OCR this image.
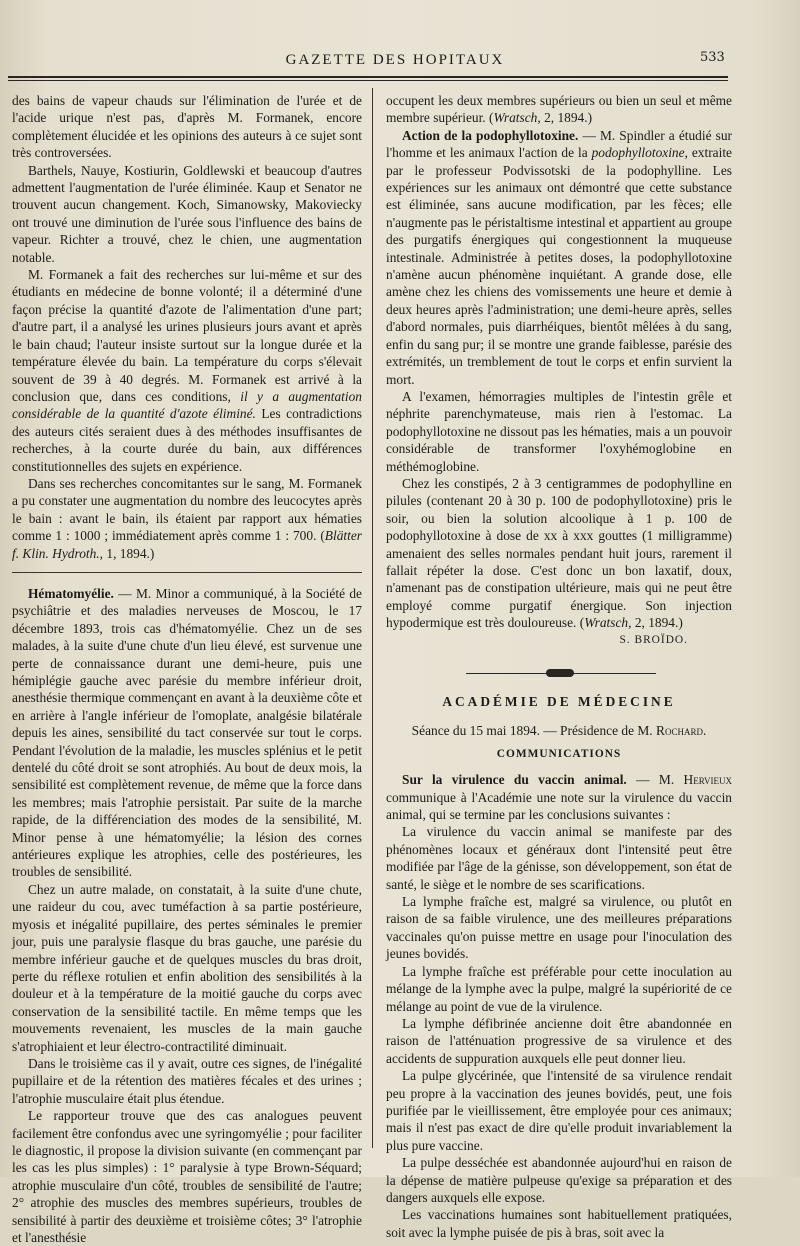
GAZETTE DES HOPITAUX	533

des bains de vapeur chauds sur l'élimination de l'urée et de l'acide urique n'est pas, d'après M. Formanek, encore complètement élucidée et les opinions des auteurs à ce sujet sont très controversées.

Barthels, Nauye, Kostiurin, Goldlewski et beaucoup d'autres admettent l'augmentation de l'urée éliminée. Kaup et Senator ne trouvent aucun changement. Koch, Simanowsky, Makoviecky ont trouvé une diminution de l'urée sous l'influence des bains de vapeur. Richter a trouvé, chez le chien, une augmentation notable.

M. Formanek a fait des recherches sur lui-même et sur des étudiants en médecine de bonne volonté; il a déterminé d'une façon précise la quantité d'azote de l'alimentation d'une part; d'autre part, il a analysé les urines plusieurs jours avant et après le bain chaud; l'auteur insiste surtout sur la longue durée et la température élevée du bain. La température du corps s'élevait souvent de 39 à 40 degrés. M. Formanek est arrivé à la conclusion que, dans ces conditions, il y a augmentation considérable de la quantité d'azote éliminé. Les contradictions des auteurs cités seraient dues à des méthodes insuffisantes de recherches, à la courte durée du bain, aux différences constitutionnelles des sujets en expérience.

Dans ses recherches concomitantes sur le sang, M. Formanek a pu constater une augmentation du nombre des leucocytes après le bain : avant le bain, ils étaient par rapport aux hématies comme 1 : 1000 ; immédiatement après comme 1 : 700. (Blätter f. Klin. Hydroth., 1, 1894.)

Hématomyélie. — M. Minor a communiqué, à la Société de psychiâtrie et des maladies nerveuses de Moscou, le 17 décembre 1893, trois cas d'hématomyélie. Chez un de ses malades, à la suite d'une chute d'un lieu élevé, est survenue une perte de connaissance durant une demi-heure, puis une hémiplégie gauche avec parésie du membre inférieur droit, anesthésie thermique commençant en avant à la deuxième côte et en arrière à l'angle inférieur de l'omoplate, analgésie bilatérale depuis les aines, sensibilité du tact conservée sur tout le corps. Pendant l'évolution de la maladie, les muscles splénius et le petit dentelé du côté droit se sont atrophiés. Au bout de deux mois, la sensibilité est complètement revenue, de même que la force dans les membres; mais l'atrophie persistait. Par suite de la marche rapide, de la différenciation des modes de la sensibilité, M. Minor pense à une hématomyélie; la lésion des cornes antérieures explique les atrophies, celle des postérieures, les troubles de sensibilité.

Chez un autre malade, on constatait, à la suite d'une chute, une raideur du cou, avec tuméfaction à sa partie postérieure, myosis et inégalité pupillaire, des pertes séminales le premier jour, puis une paralysie flasque du bras gauche, une parésie du membre inférieur gauche et de quelques muscles du bras droit, perte du réflexe rotulien et enfin abolition des sensibilités à la douleur et à la température de la moitié gauche du corps avec conservation de la sensibilité tactile. En même temps que les mouvements revenaient, les muscles de la main gauche s'atrophiaient et leur électro-contractilité diminuait.

Dans le troisième cas il y avait, outre ces signes, de l'inégalité pupillaire et de la rétention des matières fécales et des urines ; l'atrophie musculaire était plus étendue.

Le rapporteur trouve que des cas analogues peuvent facilement être confondus avec une syringomyélie ; pour faciliter le diagnostic, il propose la division suivante (en commençant par les cas les plus simples) : 1° paralysie à type Brown-Séquard; atrophie musculaire d'un côté, troubles de sensibilité de l'autre; 2° atrophie des muscles des membres supérieurs, troubles de sensibilité à partir des deuxième et troisième côtes; 3° l'atrophie et l'anesthésie

occupent les deux membres supérieurs ou bien un seul et même membre supérieur. (Wratsch, 2, 1894.)

Action de la podophyllotoxine. — M. Spindler a étudié sur l'homme et les animaux l'action de la podophyllotoxine, extraite par le professeur Podvissotski de la podophylline. Les expériences sur les animaux ont démontré que cette substance est éliminée, sans aucune modification, par les fèces; elle n'augmente pas le péristaltisme intestinal et appartient au groupe des purgatifs énergiques qui congestionnent la muqueuse intestinale. Administrée à petites doses, la podophyllotoxine n'amène aucun phénomène inquiétant. A grande dose, elle amène chez les chiens des vomissements une heure et demie à deux heures après l'administration; une demi-heure après, selles d'abord normales, puis diarrhéiques, bientôt mêlées à du sang, enfin du sang pur; il se montre une grande faiblesse, parésie des extrémités, un tremblement de tout le corps et enfin survient la mort.

A l'examen, hémorragies multiples de l'intestin grêle et néphrite parenchymateuse, mais rien à l'estomac. La podophyllotoxine ne dissout pas les hématies, mais a un pouvoir considérable de transformer l'oxyhémoglobine en méthémoglobine.

Chez les constipés, 2 à 3 centigrammes de podophylline en pilules (contenant 20 à 30 p. 100 de podophyllotoxine) pris le soir, ou bien la solution alcoolique à 1 p. 100 de podophyllotoxine à dose de xx à xxx gouttes (1 milligramme) amenaient des selles normales pendant huit jours, rarement il fallait répéter la dose. C'est donc un bon laxatif, doux, n'amenant pas de constipation ultérieure, mais qui ne peut être employé comme purgatif énergique. Son injection hypodermique est très douloureuse. (Wratsch, 2, 1894.)

S. BROÏDO.
ACADÉMIE DE MÉDECINE
Séance du 15 mai 1894. — Présidence de M. Rochard.
COMMUNICATIONS

Sur la virulence du vaccin animal. — M. Hervieux communique à l'Académie une note sur la virulence du vaccin animal, qui se termine par les conclusions suivantes :

La virulence du vaccin animal se manifeste par des phénomènes locaux et généraux dont l'intensité peut être modifiée par l'âge de la génisse, son développement, son état de santé, le siège et le nombre de ses scarifications.

La lymphe fraîche est, malgré sa virulence, ou plutôt en raison de sa faible virulence, une des meilleures préparations vaccinales qu'on puisse mettre en usage pour l'inoculation des jeunes bovidés.

La lymphe fraîche est préférable pour cette inoculation au mélange de la lymphe avec la pulpe, malgré la supériorité de ce mélange au point de vue de la virulence.

La lymphe défibrinée ancienne doit être abandonnée en raison de l'atténuation progressive de sa virulence et des accidents de suppuration auxquels elle peut donner lieu.

La pulpe glycérinée, que l'intensité de sa virulence rendait peu propre à la vaccination des jeunes bovidés, peut, une fois purifiée par le vieillissement, être employée pour ces animaux; mais il n'est pas exact de dire qu'elle produit invariablement la plus pure vaccine.

La pulpe desséchée est abandonnée aujourd'hui en raison de la dépense de matière pulpeuse qu'exige sa préparation et des dangers auxquels elle expose.

Les vaccinations humaines sont habituellement pratiquées, soit avec la lymphe puisée de pis à bras, soit avec la
